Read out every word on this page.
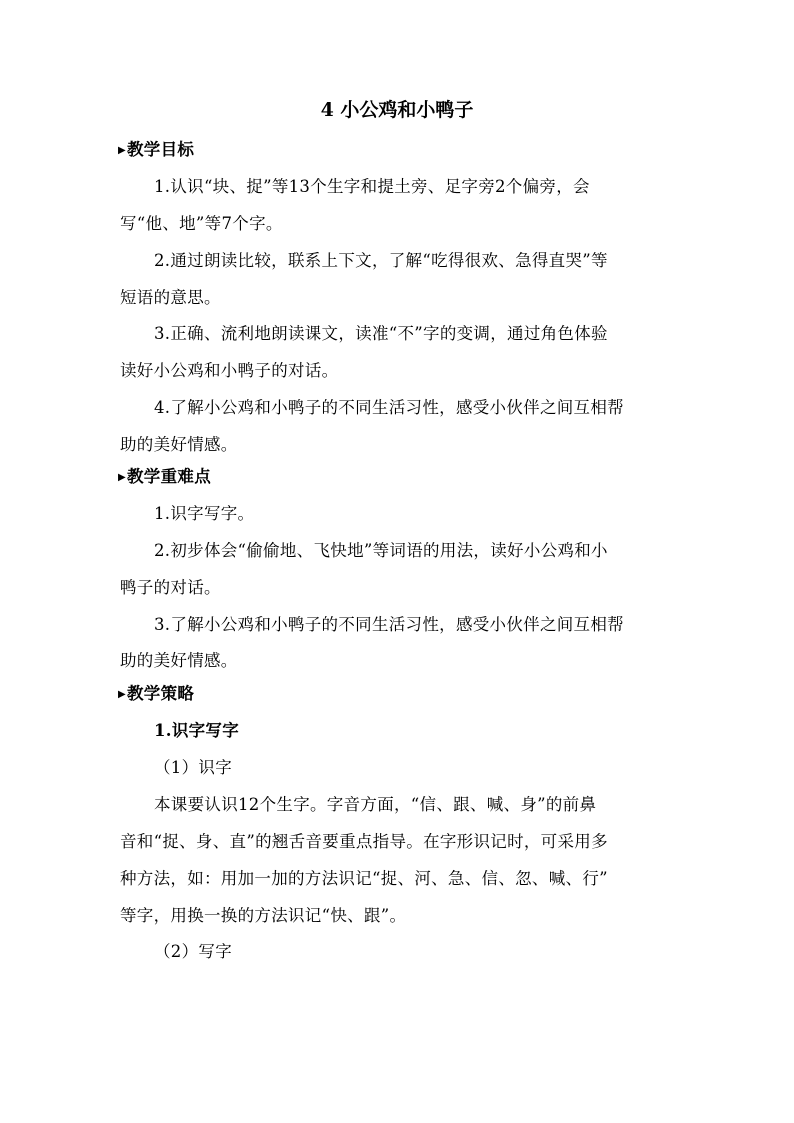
4 小公鸡和小鸭子
▶教学目标
1.认识“块、捉”等13个生字和提土旁、足字旁2个偏旁，会
写“他、地”等7个字。
2.通过朗读比较，联系上下文，了解“吃得很欢、急得直哭”等
短语的意思。
3.正确、流利地朗读课文，读准“不”字的变调，通过角色体验
读好小公鸡和小鸭子的对话。
4.了解小公鸡和小鸭子的不同生活习性，感受小伙伴之间互相帮
助的美好情感。
▶教学重难点
1.识字写字。
2.初步体会“偷偷地、飞快地”等词语的用法，读好小公鸡和小
鸭子的对话。
3.了解小公鸡和小鸭子的不同生活习性，感受小伙伴之间互相帮
助的美好情感。
▶教学策略
1.识字写字
（1）识字
本课要认识12个生字。字音方面，“信、跟、喊、身”的前鼻
音和“捉、身、直”的翘舌音要重点指导。在字形识记时，可采用多
种方法，如：用加一加的方法识记“捉、河、急、信、忽、喊、行”
等字，用换一换的方法识记“快、跟”。
（2）写字
